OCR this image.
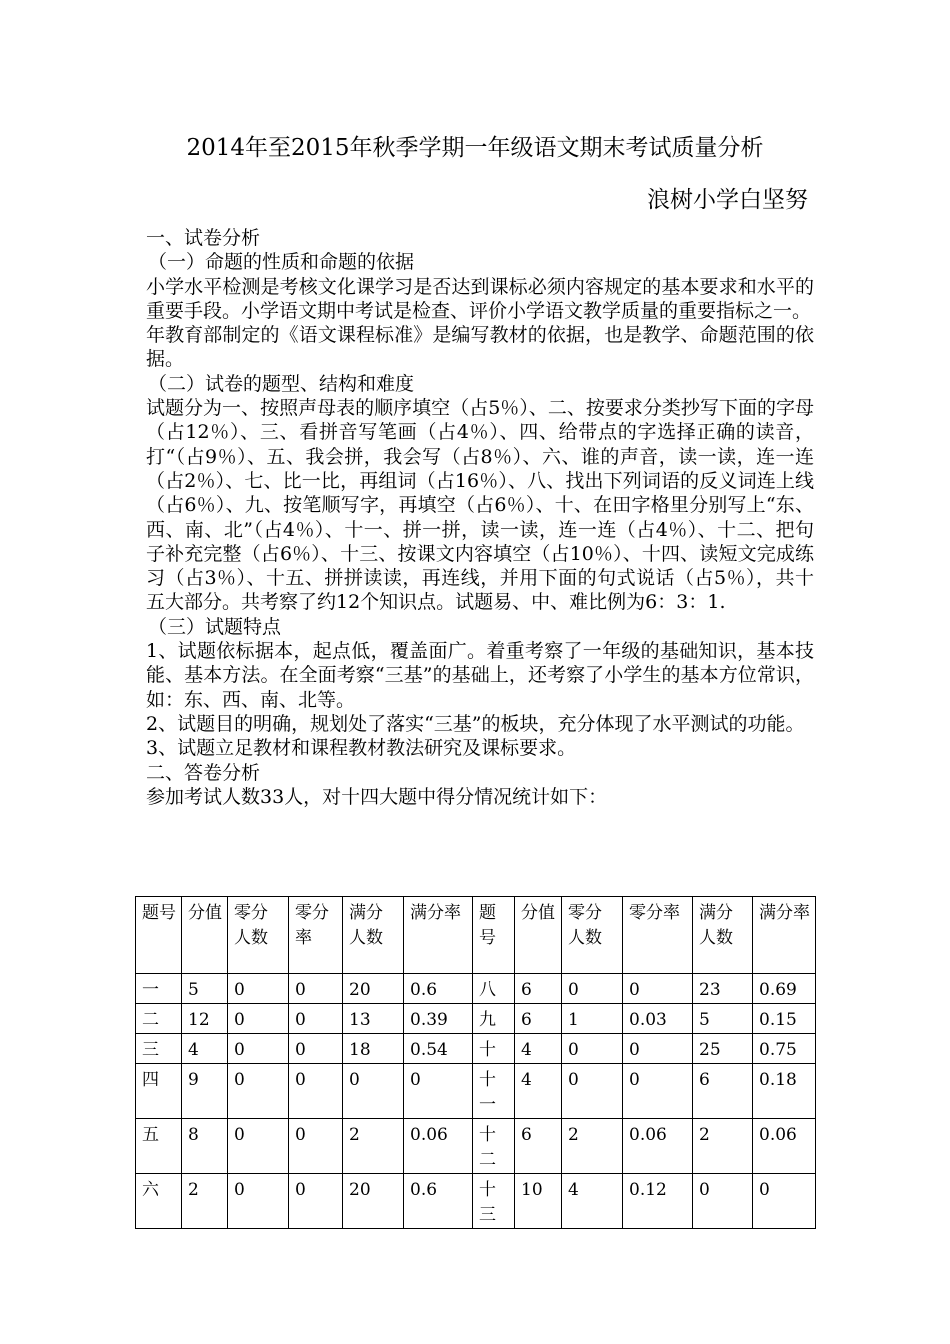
2014年至2015年秋季学期一年级语文期末考试质量分析
浪树小学白坚努

一、试卷分析

（一）命题的性质和命题的依据

小学水平检测是考核文化课学习是否达到课标必须内容规定的基本要求和水平的重要手段。小学语文期中考试是检查、评价小学语文教学质量的重要指标之一。

年教育部制定的《语文课程标准》是编写教材的依据，也是教学、命题范围的依据。

（二）试卷的题型、结构和难度

试题分为一、按照声母表的顺序填空（占5％）、二、按要求分类抄写下面的字母（占12％）、三、看拼音写笔画（占4％）、四、给带点的字选择正确的读音，打“（占9％）、五、我会拼，我会写（占8％）、六、谁的声音，读一读，连一连（占2％）、七、比一比，再组词（占16％）、八、找出下列词语的反义词连上线（占6％）、九、按笔顺写字，再填空（占6％）、十、在田字格里分别写上“东、西、南、北”（占4％）、十一、拼一拼，读一读，连一连（占4％）、十二、把句子补充完整（占6％）、十三、按课文内容填空（占10％）、十四、读短文完成练习（占3％）、十五、拼拼读读，再连线，并用下面的句式说话（占5％），共十五大部分。共考察了约12个知识点。试题易、中、难比例为6：3：1.

（三）试题特点

1、试题依标据本，起点低，覆盖面广。着重考察了一年级的基础知识，基本技能、基本方法。在全面考察“三基”的基础上，还考察了小学生的基本方位常识，如：东、西、南、北等。

2、试题目的明确，规划处了落实“三基”的板块，充分体现了水平测试的功能。

3、试题立足教材和课程教材教法研究及课标要求。

二、答卷分析

参加考试人数33人，对十四大题中得分情况统计如下：

题号	分值	零分人数	零分率	满分人数	满分率	题号	分值	零分人数	零分率	满分人数	满分率
一	5	0	0	20	0.6	八	6	0	0	23	0.69
二	12	0	0	13	0.39	九	6	1	0.03	5	0.15
三	4	0	0	18	0.54	十	4	0	0	25	0.75
四	9	0	0	0	0	十一	4	0	0	6	0.18
五	8	0	0	2	0.06	十二	6	2	0.06	2	0.06
六	2	0	0	20	0.6	十三	10	4	0.12	0	0
